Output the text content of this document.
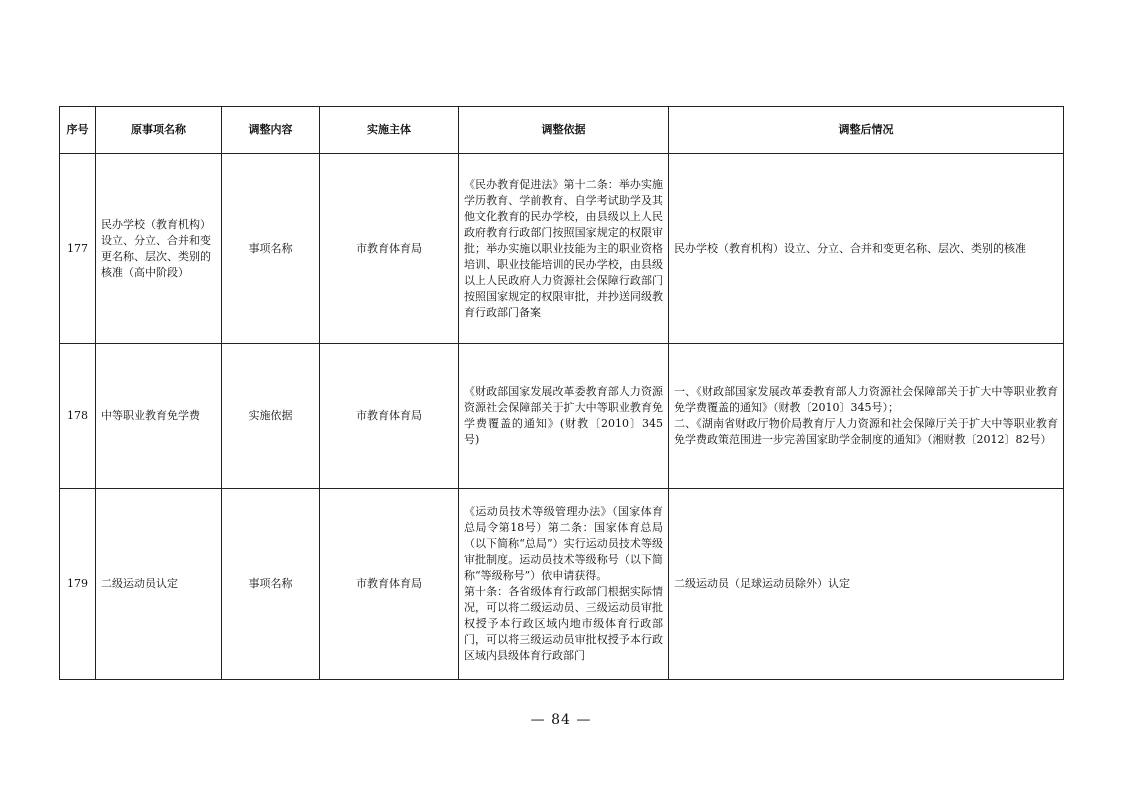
序号	原事项名称	调整内容	实施主体	调整依据	调整后情况
177	民办学校（教育机构）设立、分立、合并和变更名称、层次、类别的核准（高中阶段）	事项名称	市教育体育局	《民办教育促进法》第十二条：举办实施学历教育、学前教育、自学考试助学及其他文化教育的民办学校，由县级以上人民政府教育行政部门按照国家规定的权限审批；举办实施以职业技能为主的职业资格培训、职业技能培训的民办学校，由县级以上人民政府人力资源社会保障行政部门按照国家规定的权限审批，并抄送同级教育行政部门备案	民办学校（教育机构）设立、分立、合并和变更名称、层次、类别的核准
178	中等职业教育免学费	实施依据	市教育体育局	《财政部国家发展改革委教育部人力资源资源社会保障部关于扩大中等职业教育免学费覆盖的通知》(财教〔2010〕345号)	一、《财政部国家发展改革委教育部人力资源社会保障部关于扩大中等职业教育免学费覆盖的通知》（财教〔2010〕345号）；
二、《湖南省财政厅物价局教育厅人力资源和社会保障厅关于扩大中等职业教育免学费政策范围进一步完善国家助学金制度的通知》（湘财教〔2012〕82号）

179	二级运动员认定	事项名称	市教育体育局	《运动员技术等级管理办法》（国家体育总局令第18号）第二条：国家体育总局（以下简称“总局”）实行运动员技术等级审批制度。运动员技术等级称号（以下简称“等级称号”）依申请获得。
第十条：各省级体育行政部门根据实际情况，可以将二级运动员、三级运动员审批权授予本行政区域内地市级体育行政部门，可以将三级运动员审批权授予本行政区域内县级体育行政部门	二级运动员（足球运动员除外）认定
— 84 —
